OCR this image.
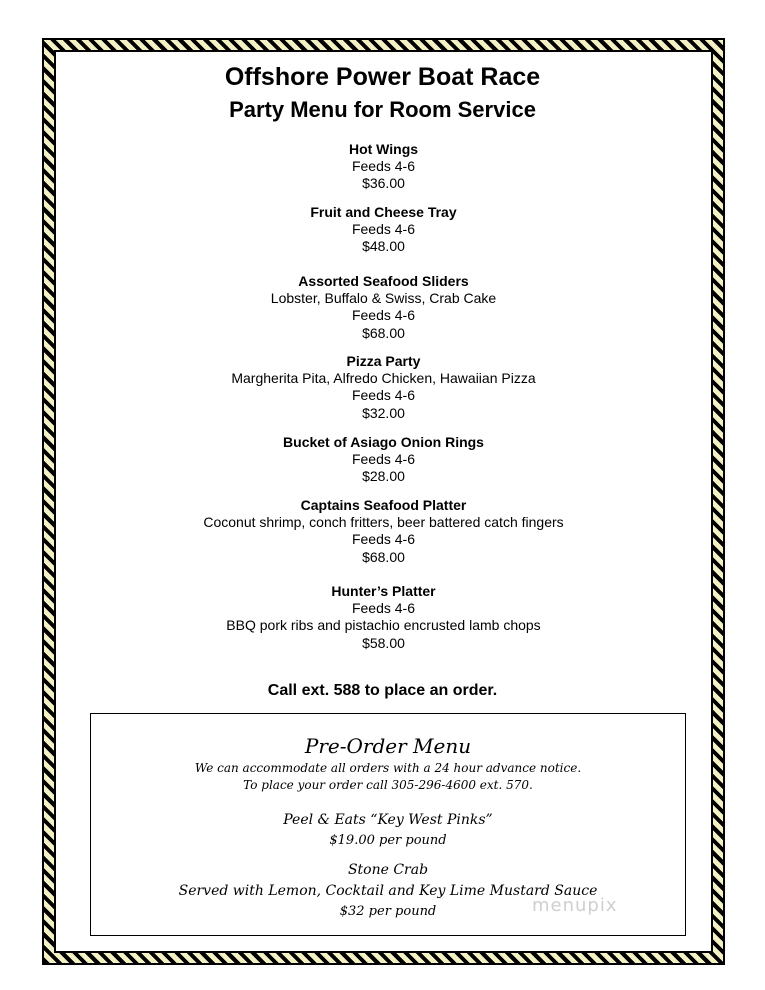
Offshore Power Boat Race
Party Menu for Room Service
Hot Wings
Feeds 4-6
$36.00
Fruit and Cheese Tray
Feeds 4-6
$48.00
Assorted Seafood Sliders
Lobster, Buffalo & Swiss, Crab Cake
Feeds 4-6
$68.00
Pizza Party
Margherita Pita, Alfredo Chicken, Hawaiian Pizza
Feeds 4-6
$32.00
Bucket of Asiago Onion Rings
Feeds 4-6
$28.00
Captains Seafood Platter
Coconut shrimp, conch fritters, beer battered catch fingers
Feeds 4-6
$68.00
Hunter’s Platter
Feeds 4-6
BBQ pork ribs and pistachio encrusted lamb chops
$58.00
Call ext. 588 to place an order.
Pre-Order Menu
We can accommodate all orders with a 24 hour advance notice.
To place your order call 305-296-4600 ext. 570.
Peel & Eats “Key West Pinks”
$19.00 per pound
Stone Crab
Served with Lemon, Cocktail and Key Lime Mustard Sauce
$32 per pound	menupix
